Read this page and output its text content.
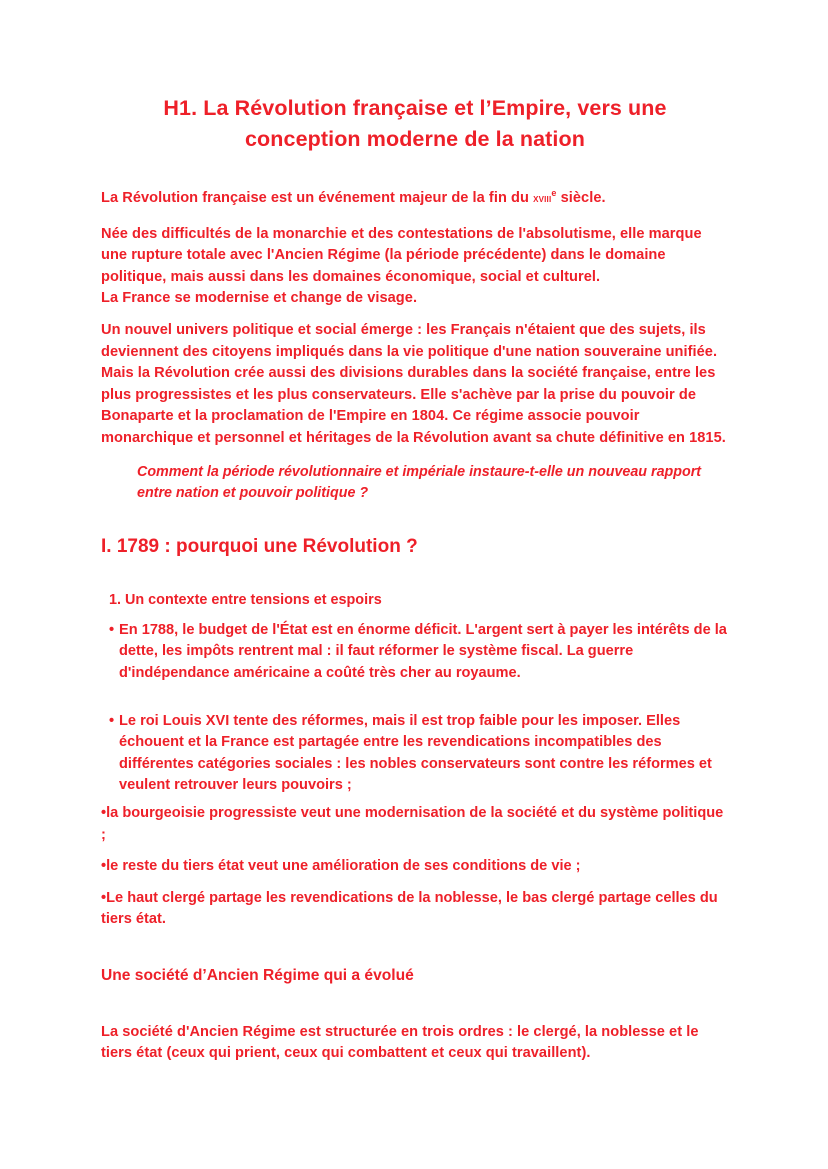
H1. La Révolution française et l’Empire, vers une
conception moderne de la nation

La Révolution française est un événement majeur de la fin du xviii$^e$ siècle.

Née des difficultés de la monarchie et des contestations de l'absolutisme, elle marque une rupture totale avec l'Ancien Régime (la période précédente) dans le domaine politique, mais aussi dans les domaines économique, social et culturel.

La France se modernise et change de visage.

Un nouvel univers politique et social émerge : les Français n'étaient que des sujets, ils deviennent des citoyens impliqués dans la vie politique d'une nation souveraine unifiée.

Mais la Révolution crée aussi des divisions durables dans la société française, entre les plus progressistes et les plus conservateurs. Elle s'achève par la prise du pouvoir de Bonaparte et la proclamation de l'Empire en 1804. Ce régime associe pouvoir monarchique et personnel et héritages de la Révolution avant sa chute définitive en 1815.

Comment la période révolutionnaire et impériale instaure-t-elle un nouveau rapport entre nation et pouvoir politique ?

I. 1789 : pourquoi une Révolution ?

1. Un contexte entre tensions et espoirs

• En 1788, le budget de l'État est en énorme déficit. L'argent sert à payer les intérêts de la dette, les impôts rentrent mal : il faut réformer le système fiscal. La guerre d'indépendance américaine a coûté très cher au royaume.

• Le roi Louis XVI tente des réformes, mais il est trop faible pour les imposer. Elles échouent et la France est partagée entre les revendications incompatibles des différentes catégories sociales : les nobles conservateurs sont contre les réformes et veulent retrouver leurs pouvoirs ;

•la bourgeoisie progressiste veut une modernisation de la société et du système politique ;

•le reste du tiers état veut une amélioration de ses conditions de vie ;

•Le haut clergé partage les revendications de la noblesse, le bas clergé partage celles du tiers état.

Une société d’Ancien Régime qui a évolué

La société d'Ancien Régime est structurée en trois ordres : le clergé, la noblesse et le tiers état (ceux qui prient, ceux qui combattent et ceux qui travaillent).
